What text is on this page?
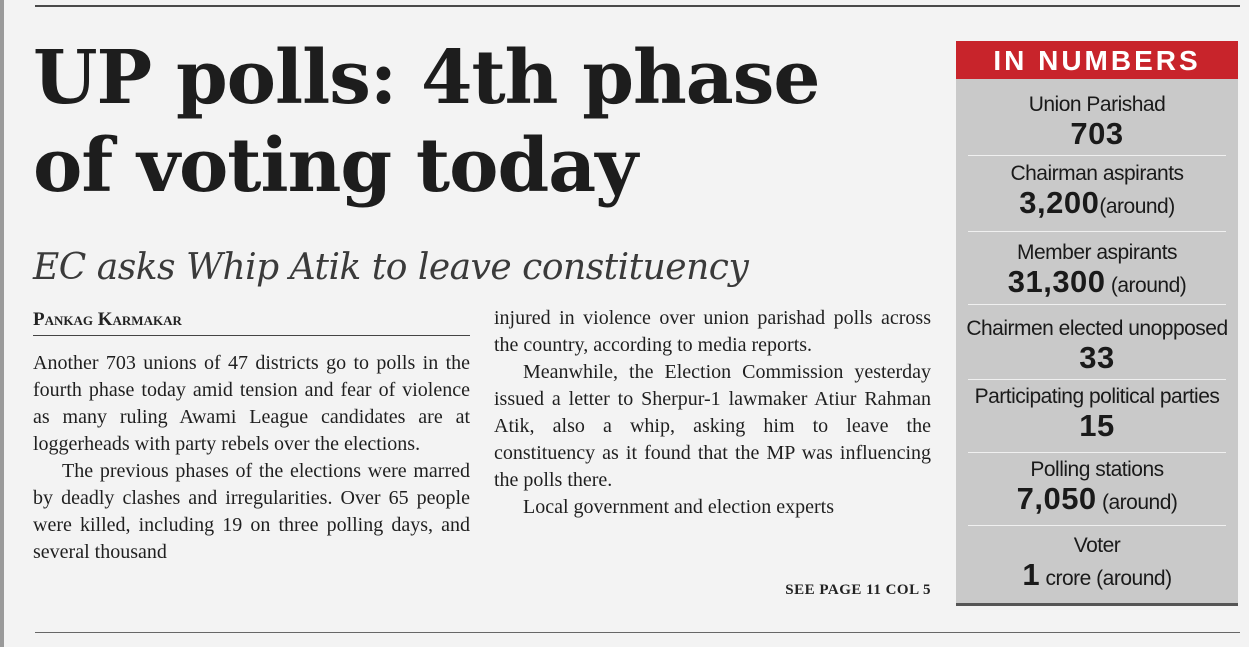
UP polls: 4th phase
of voting today
EC asks Whip Atik to leave constituency
Pankag Karmakar

Another 703 unions of 47 districts go to polls in the fourth phase today amid tension and fear of violence as many ruling Awami League candidates are at loggerheads with party rebels over the elections.

The previous phases of the elections were marred by deadly clashes and irregularities. Over 65 people were killed, including 19 on three polling days, and several thousand

injured in violence over union parishad polls across the country, according to media reports.

Meanwhile, the Election Commission yesterday issued a letter to Sherpur-1 lawmaker Atiur Rahman Atik, also a whip, asking him to leave the constituency as it found that the MP was influencing the polls there.

Local government and election experts

SEE PAGE 11 COL 5
IN NUMBERS
Union Parishad
703
Chairman aspirants
3,200(around)
Member aspirants
31,300 (around)
Chairmen elected unopposed
33
Participating political parties
15
Polling stations
7,050 (around)
Voter
1 crore (around)
